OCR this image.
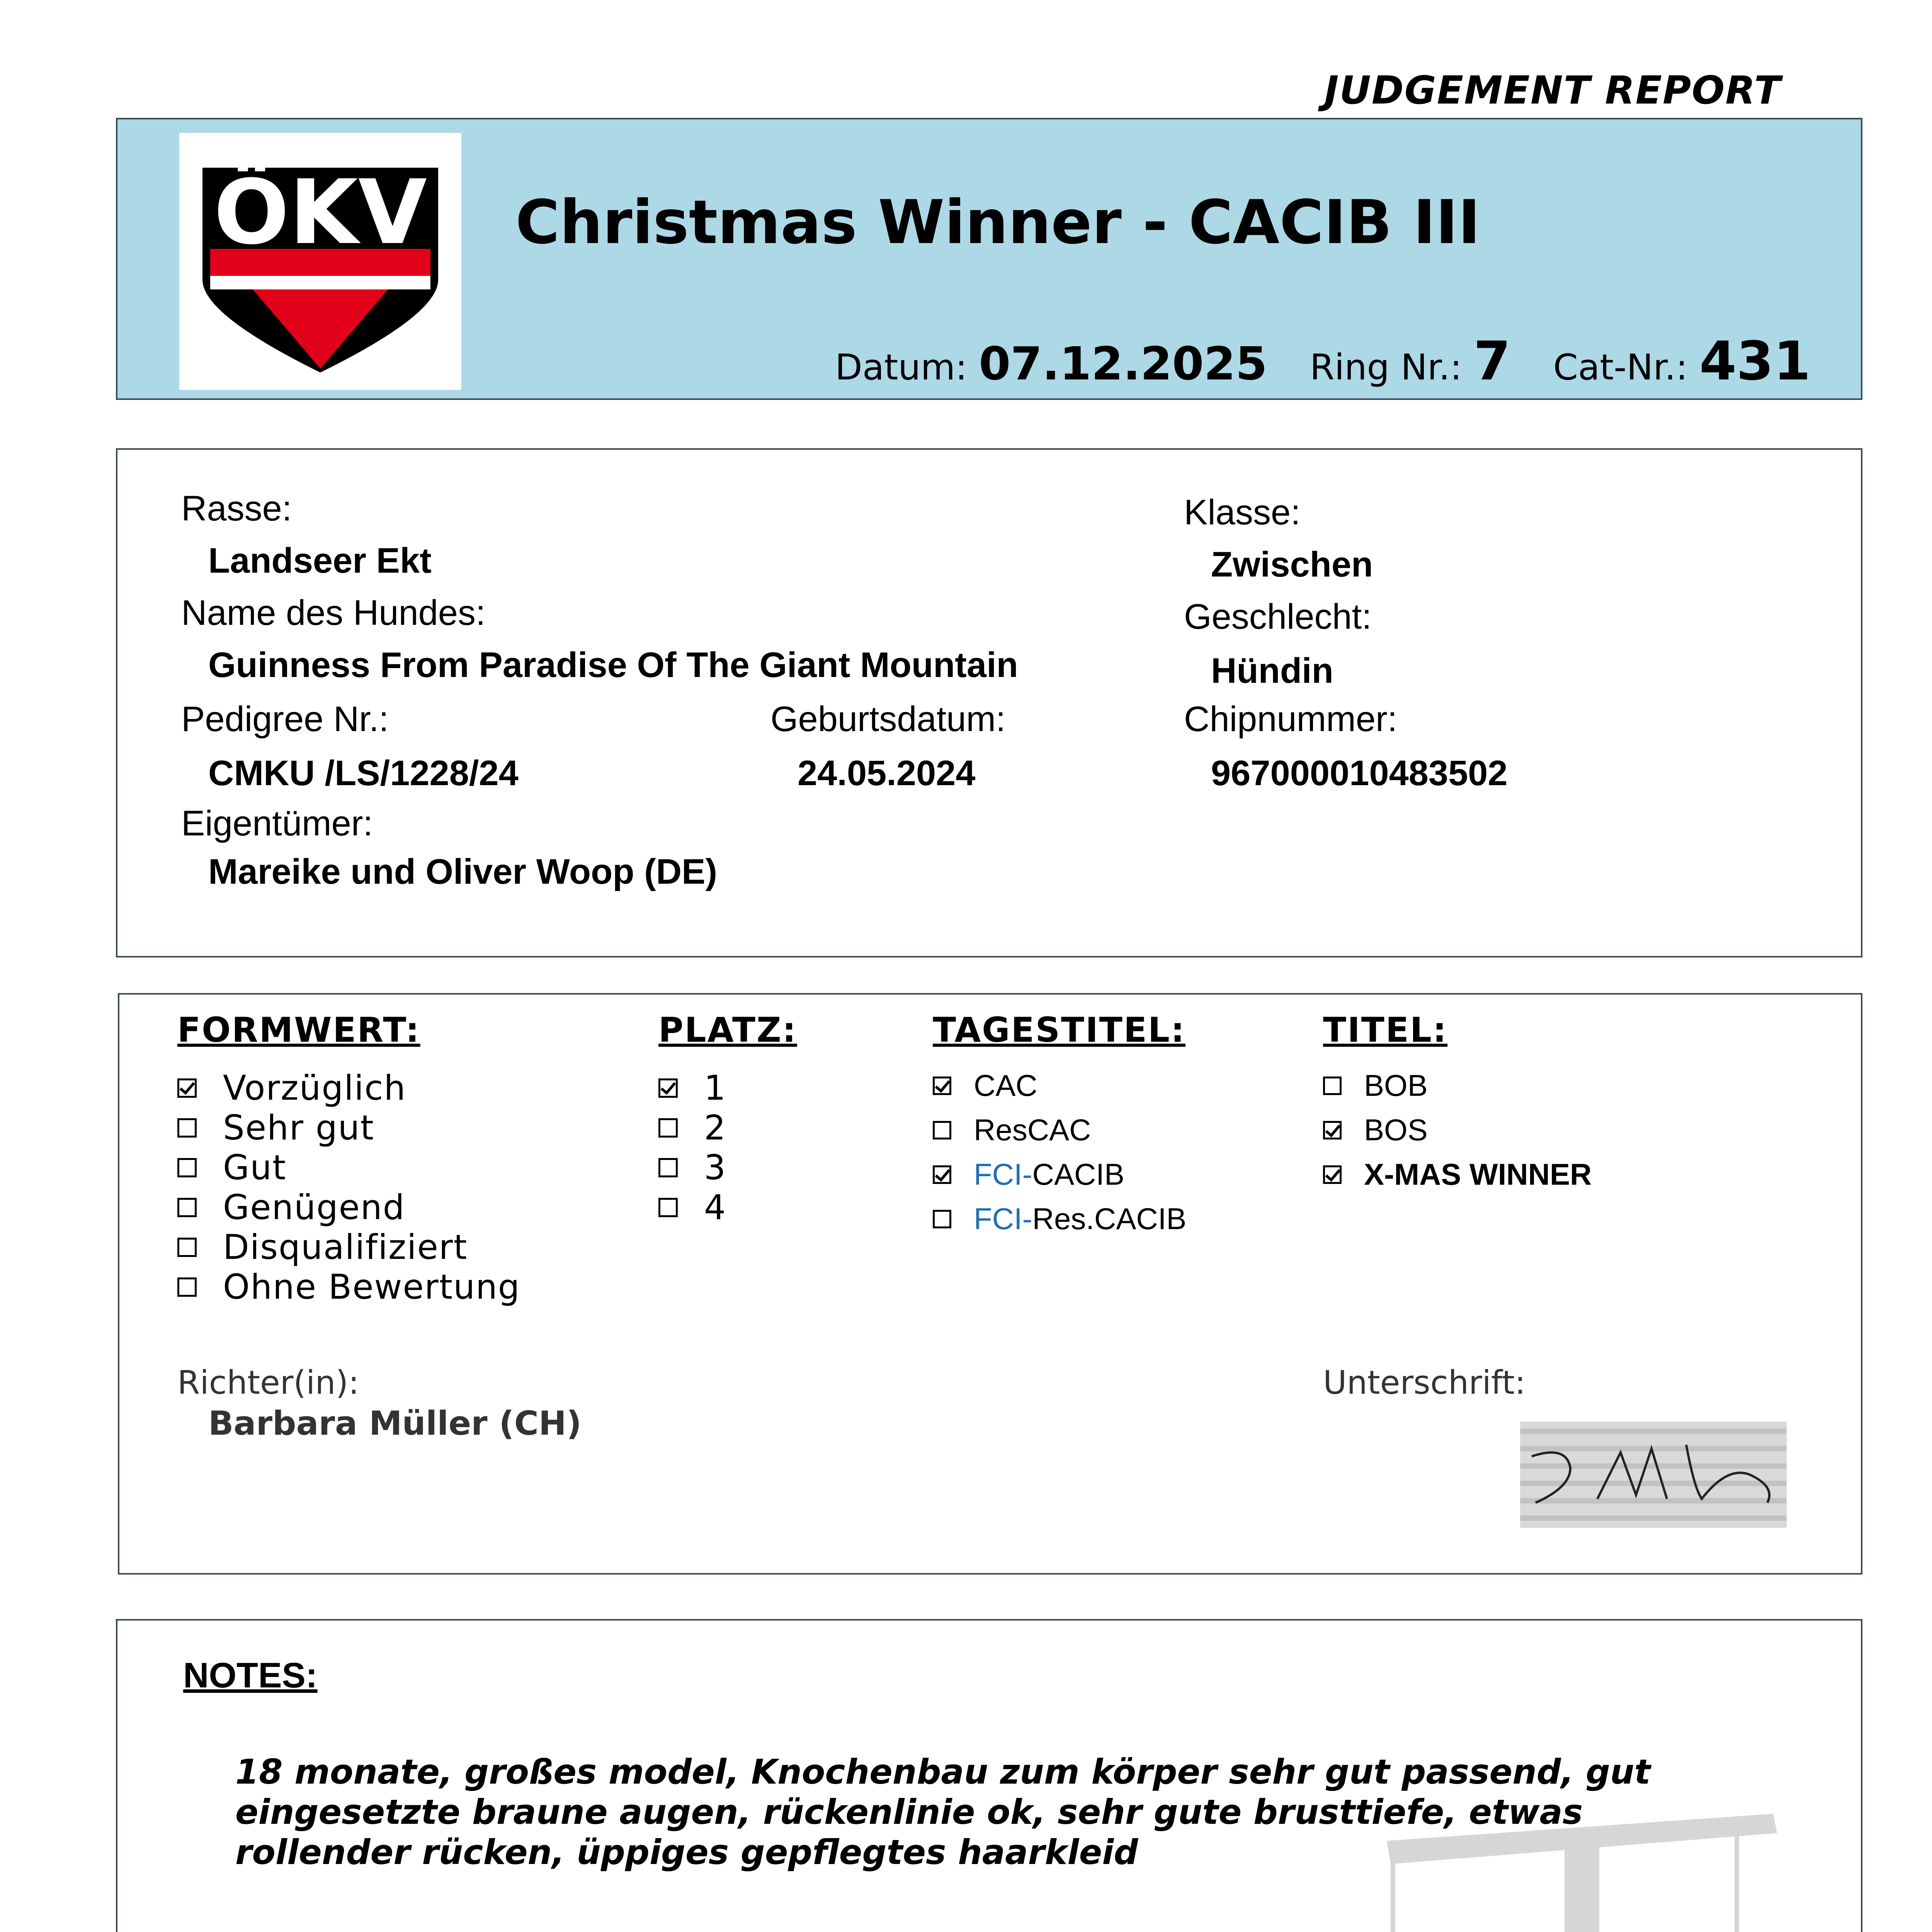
JUDGEMENT REPORT
ÖKV Christmas Winner - CACIB III
Datum: 07.12.2025 Ring Nr.: 7 Cat-Nr.: 431
Rasse:
Landseer Ekt
Name des Hundes:
Guinness From Paradise Of The Giant Mountain
Pedigree Nr.:
CMKU /LS/1228/24
Geburtsdatum:
24.05.2024
Eigentümer:
Mareike und Oliver Woop (DE)
Klasse:
Zwischen
Geschlecht:
Hündin
Chipnummer:
967000010483502
FORMWERT:
Vorzüglich
Sehr gut
Gut
Genügend
Disqualifiziert
Ohne Bewertung
PLATZ:
1
2
3
4
TAGESTITEL:
CAC
ResCAC
FCI-CACIB
FCI-Res.CACIB
TITEL:
BOB
BOS
X-MAS WINNER
Richter(in):
Barbara Müller (CH)
Unterschrift:
NOTES:
18 monate, großes model, Knochenbau zum körper sehr gut passend, gut eingesetzte braune augen, rückenlinie ok, sehr gute brusttiefe, etwas rollender rücken, üppiges gepflegtes haarkleid
